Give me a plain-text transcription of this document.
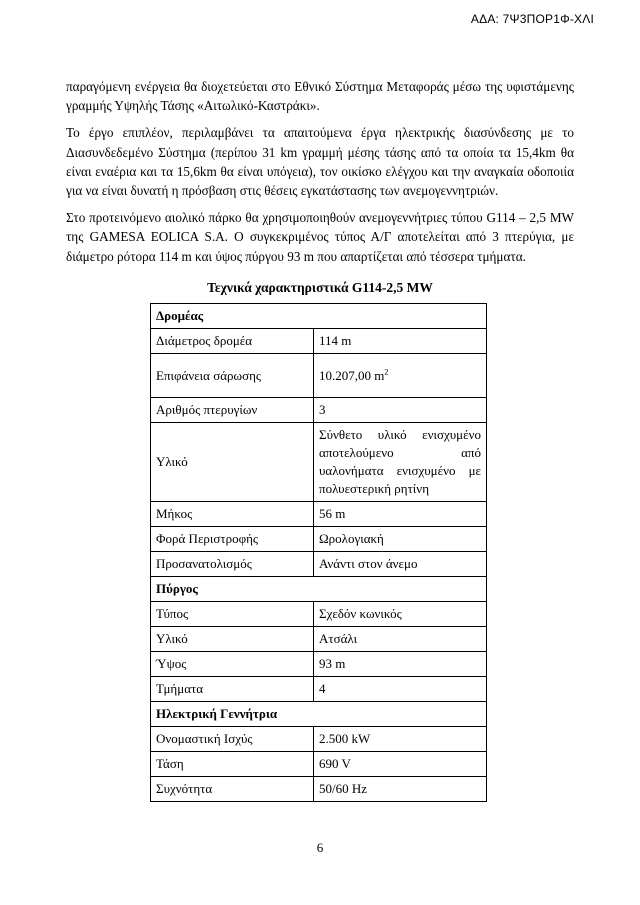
ΑΔΑ: 7Ψ3ΠΟΡ1Φ-ΧΛΙ

παραγόμενη ενέργεια θα διοχετεύεται στο Εθνικό Σύστημα Μεταφοράς μέσω της υφιστάμενης γραμμής Υψηλής Τάσης «Αιτωλικό-Καστράκι».

Το έργο επιπλέον, περιλαμβάνει τα απαιτούμενα έργα ηλεκτρικής διασύνδεσης με το Διασυνδεδεμένο Σύστημα (περίπου 31 km γραμμή μέσης τάσης από τα οποία τα 15,4km θα είναι εναέρια και τα 15,6km θα είναι υπόγεια), τον οικίσκο ελέγχου και την αναγκαία οδοποιία για να είναι δυνατή η πρόσβαση στις θέσεις εγκατάστασης των ανεμογεννητριών.

Στο προτεινόμενο αιολικό πάρκο θα χρησιμοποιηθούν ανεμογεννήτριες τύπου G114 – 2,5 MW της GAMESA EOLICA S.A. Ο συγκεκριμένος τύπος Α/Γ αποτελείται από 3 πτερύγια, με διάμετρο ρότορα 114 m και ύψος πύργου 93 m που απαρτίζεται από τέσσερα τμήματα.

Τεχνικά χαρακτηριστικά G114-2,5 MW
Δρομέας	
Διάμετρος δρομέα	114 m
Επιφάνεια σάρωσης	10.207,00 $m^2$
Αριθμός πτερυγίων	3
Υλικό	Σύνθετο υλικό ενισχυμένο αποτελούμενο από υαλονήματα ενισχυμένο με πολυεστερική ρητίνη
Μήκος	56 m
Φορά Περιστροφής	Ωρολογιακή
Προσανατολισμός	Ανάντι στον άνεμο
Πύργος	
Τύπος	Σχεδόν κωνικός
Υλικό	Ατσάλι
Ύψος	93 m
Τμήματα	4
Ηλεκτρική Γεννήτρια	
Ονομαστική Ισχύς	2.500 kW
Τάση	690 V
Συχνότητα	50/60 Hz
6
